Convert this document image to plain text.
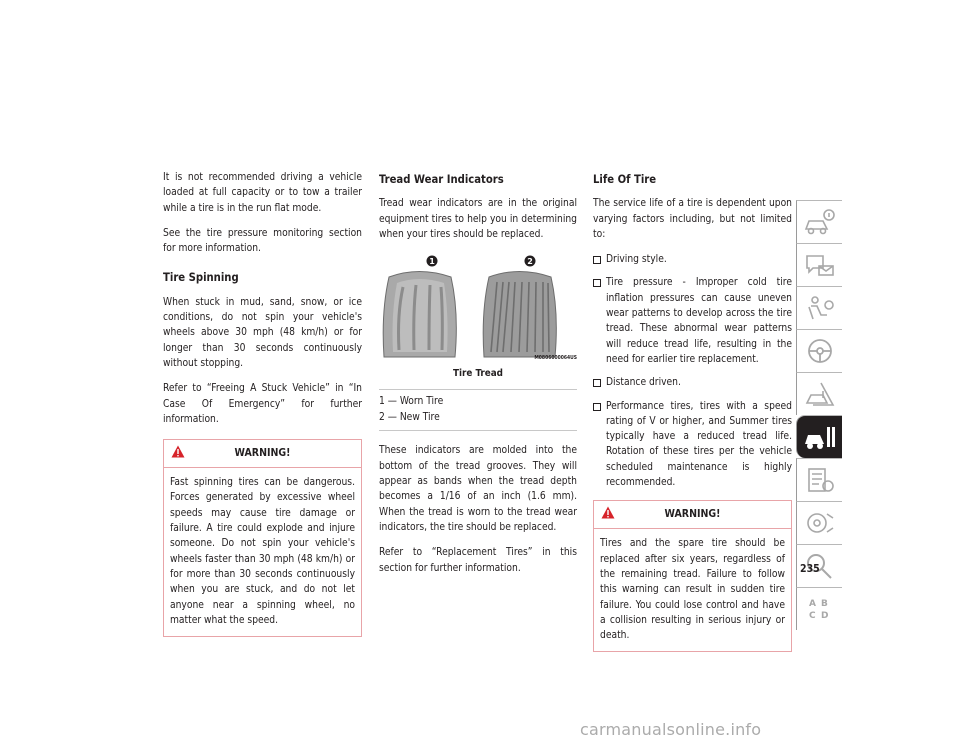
It is not recommended driving a vehicle loaded at full capacity or to tow a trailer while a tire is in the run flat mode.

See the tire pressure monitoring section for more information.

Tire Spinning

When stuck in mud, sand, snow, or ice conditions, do not spin your vehicle's wheels above 30 mph (48 km/h) or for longer than 30 seconds continuously without stopping.

Refer to “Freeing A Stuck Vehicle” in “In Case Of Emergency” for further information.

WARNING!
Fast spinning tires can be dangerous. Forces generated by excessive wheel speeds may cause tire damage or failure. A tire could explode and injure someone. Do not spin your vehicle's wheels faster than 30 mph (48 km/h) or for more than 30 seconds continuously when you are stuck, and do not let anyone near a spinning wheel, no matter what the speed.
Tread Wear Indicators

Tread wear indicators are in the original equipment tires to help you in determining when your tires should be replaced.

1	2
M0806000064US
Tire Tread
1 — Worn Tire
2 — New Tire

These indicators are molded into the bottom of the tread grooves. They will appear as bands when the tread depth becomes a 1/16 of an inch (1.6 mm). When the tread is worn to the tread wear indicators, the tire should be replaced.

Refer to “Replacement Tires” in this section for further information.

Life Of Tire

The service life of a tire is dependent upon varying factors including, but not limited to:

Driving style.
Tire pressure - Improper cold tire inflation pressures can cause uneven wear patterns to develop across the tire tread. These abnormal wear patterns will reduce tread life, resulting in the need for earlier tire replacement.
Distance driven.
Performance tires, tires with a speed rating of V or higher, and Summer tires typically have a reduced tread life. Rotation of these tires per the vehicle scheduled maintenance is highly recommended.
WARNING!
Tires and the spare tire should be replaced after six years, regardless of the remaining tread. Failure to follow this warning can result in sudden tire failure. You could lose control and have a collision resulting in serious injury or death.
A B
C D
235
carmanualsonline.info
